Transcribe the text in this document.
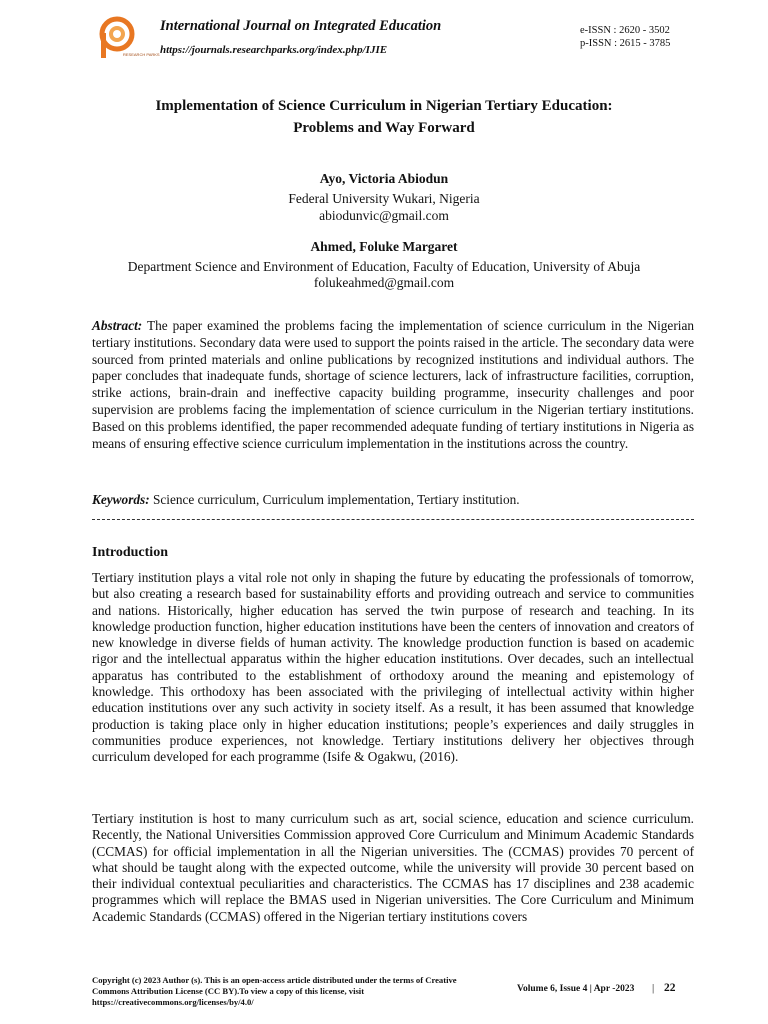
RESEARCH PARKS
International Journal on Integrated Education
https://journals.researchparks.org/index.php/IJIE
e-ISSN : 2620 - 3502
p-ISSN : 2615 - 3785
Implementation of Science Curriculum in Nigerian Tertiary Education:
Problems and Way Forward
Ayo, Victoria Abiodun
Federal University Wukari, Nigeria
abiodunvic@gmail.com
Ahmed, Foluke Margaret
Department Science and Environment of Education, Faculty of Education, University of Abuja
folukeahmed@gmail.com

Abstract: The paper examined the problems facing the implementation of science curriculum in the Nigerian tertiary institutions. Secondary data were used to support the points raised in the article. The secondary data were sourced from printed materials and online publications by recognized institutions and individual authors. The paper concludes that inadequate funds, shortage of science lecturers, lack of infrastructure facilities, corruption, strike actions, brain-drain and ineffective capacity building programme, insecurity challenges and poor supervision are problems facing the implementation of science curriculum in the Nigerian tertiary institutions. Based on this problems identified, the paper recommended adequate funding of tertiary institutions in Nigeria as means of ensuring effective science curriculum implementation in the institutions across the country.

Keywords: Science curriculum, Curriculum implementation, Tertiary institution.

Introduction

Tertiary institution plays a vital role not only in shaping the future by educating the professionals of tomorrow, but also creating a research based for sustainability efforts and providing outreach and service to communities and nations. Historically, higher education has served the twin purpose of research and teaching. In its knowledge production function, higher education institutions have been the centers of innovation and creators of new knowledge in diverse fields of human activity. The knowledge production function is based on academic rigor and the intellectual apparatus within the higher education institutions. Over decades, such an intellectual apparatus has contributed to the establishment of orthodoxy around the meaning and epistemology of knowledge. This orthodoxy has been associated with the privileging of intellectual activity within higher education institutions over any such activity in society itself. As a result, it has been assumed that knowledge production is taking place only in higher education institutions; people’s experiences and daily struggles in communities produce experiences, not knowledge. Tertiary institutions delivery her objectives through curriculum developed for each programme (Isife & Ogakwu, (2016).

Tertiary institution is host to many curriculum such as art, social science, education and science curriculum. Recently, the National Universities Commission approved Core Curriculum and Minimum Academic Standards (CCMAS) for official implementation in all the Nigerian universities. The (CCMAS) provides 70 percent of what should be taught along with the expected outcome, while the university will provide 30 percent based on their individual contextual peculiarities and characteristics. The CCMAS has 17 disciplines and 238 academic programmes which will replace the BMAS used in Nigerian universities. The Core Curriculum and Minimum Academic Standards (CCMAS) offered in the Nigerian tertiary institutions covers

Copyright (c) 2023 Author (s). This is an open-access article distributed under the terms of Creative Commons Attribution License (CC BY).To view a copy of this license, visit https://creativecommons.org/licenses/by/4.0/
Volume 6, Issue 4 | Apr -2023 | 22
